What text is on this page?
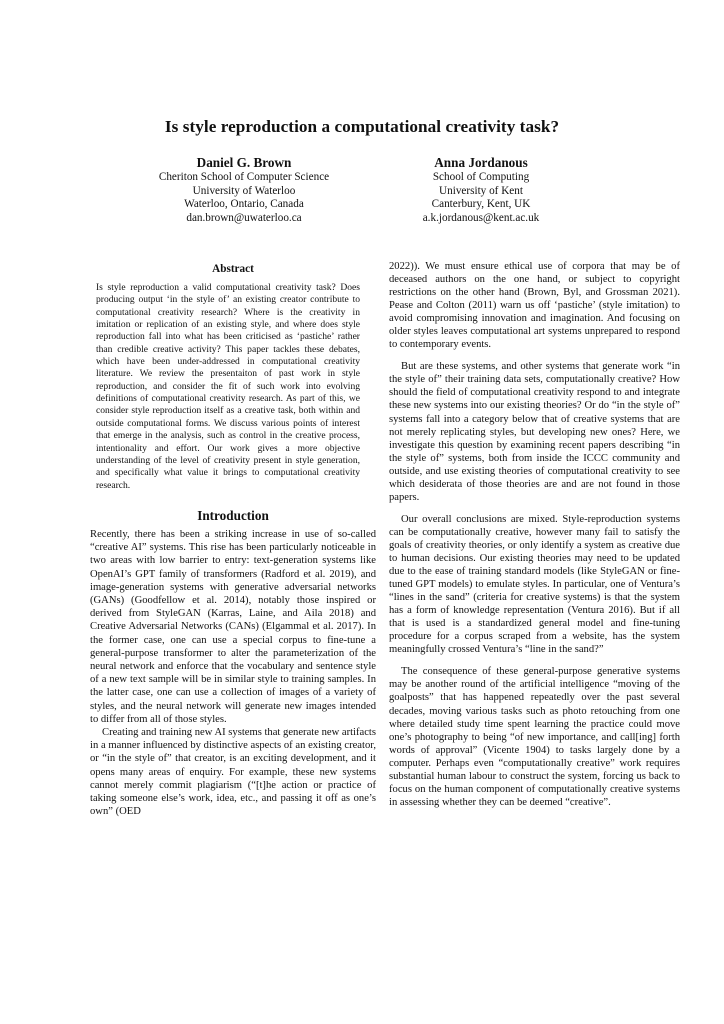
Is style reproduction a computational creativity task?
Daniel G. Brown
Cheriton School of Computer Science
University of Waterloo
Waterloo, Ontario, Canada
dan.brown@uwaterloo.ca
Anna Jordanous
School of Computing
University of Kent
Canterbury, Kent, UK
a.k.jordanous@kent.ac.uk
Abstract
Is style reproduction a valid computational creativity task? Does producing output ‘in the style of’ an existing creator contribute to computational creativity research? Where is the creativity in imitation or replication of an existing style, and where does style reproduction fall into what has been criticised as ‘pastiche’ rather than credible creative activity? This paper tackles these debates, which have been under-addressed in computational creativity literature. We review the presentaiton of past work in style reproduction, and consider the fit of such work into evolving definitions of computational creativity research. As part of this, we consider style reproduction itself as a creative task, both within and outside computational forms. We discuss various points of interest that emerge in the analysis, such as control in the creative process, intentionality and effort. Our work gives a more objective understanding of the level of creativity present in style generation, and specifically what value it brings to computational creativity research.
Introduction

Recently, there has been a striking increase in use of so-called “creative AI” systems. This rise has been particularly noticeable in two areas with low barrier to entry: text-generation systems like OpenAI’s GPT family of transformers (Radford et al. 2019), and image-generation systems with generative adversarial networks (GANs) (Goodfellow et al. 2014), notably those inspired or derived from StyleGAN (Karras, Laine, and Aila 2018) and Creative Adversarial Networks (CANs) (Elgammal et al. 2017). In the former case, one can use a special corpus to fine-tune a general-purpose transformer to alter the parameterization of the neural network and enforce that the vocabulary and sentence style of a new text sample will be in similar style to training samples. In the latter case, one can use a collection of images of a variety of styles, and the neural network will generate new images intended to differ from all of those styles.

Creating and training new AI systems that generate new artifacts in a manner influenced by distinctive aspects of an existing creator, or “in the style of” that creator, is an exciting development, and it opens many areas of enquiry. For example, these new systems cannot merely commit plagiarism (“[t]he action or practice of taking someone else’s work, idea, etc., and passing it off as one’s own” (OED

2022)). We must ensure ethical use of corpora that may be of deceased authors on the one hand, or subject to copyright restrictions on the other hand (Brown, Byl, and Grossman 2021). Pease and Colton (2011) warn us off ‘pastiche’ (style imitation) to avoid compromising innovation and imagination. And focusing on older styles leaves computational art systems unprepared to respond to contemporary events.

But are these systems, and other systems that generate work “in the style of” their training data sets, computationally creative? How should the field of computational creativity respond to and integrate these new systems into our existing theories? Or do “in the style of” systems fall into a category below that of creative systems that are not merely replicating styles, but developing new ones? Here, we investigate this question by examining recent papers describing “in the style of” systems, both from inside the ICCC community and outside, and use existing theories of computational creativity to see which desiderata of those theories are and are not found in those papers.

Our overall conclusions are mixed. Style-reproduction systems can be computationally creative, however many fail to satisfy the goals of creativity theories, or only identify a system as creative due to human decisions. Our existing theories may need to be updated due to the ease of training standard models (like StyleGAN or fine-tuned GPT models) to emulate styles. In particular, one of Ventura’s “lines in the sand” (criteria for creative systems) is that the system has a form of knowledge representation (Ventura 2016). But if all that is used is a standardized general model and fine-tuning procedure for a corpus scraped from a website, has the system meaningfully crossed Ventura’s “line in the sand?”

The consequence of these general-purpose generative systems may be another round of the artificial intelligence “moving of the goalposts” that has happened repeatedly over the past several decades, moving various tasks such as photo retouching from one where detailed study time spent learning the practice could move one’s photography to being “of new importance, and call[ing] forth words of approval” (Vicente 1904) to tasks largely done by a computer. Perhaps even “computationally creative” work requires substantial human labour to construct the system, forcing us back to focus on the human component of computationally creative systems in assessing whether they can be deemed “creative”.
